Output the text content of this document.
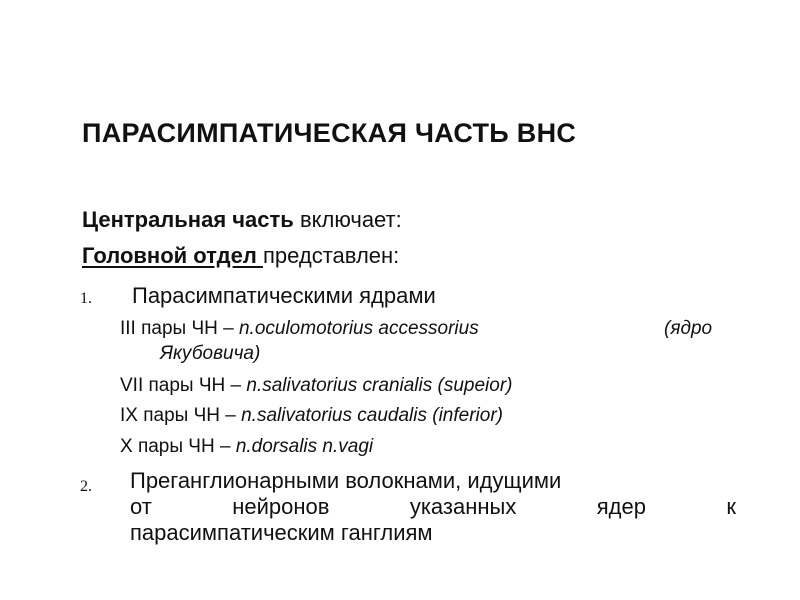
ПАРАСИМПАТИЧЕСКАЯ ЧАСТЬ ВНС
Центральная часть включает:
Головной отдел представлен:
1. Парасимпатическими ядрами
III пары ЧН – n.oculomotorius accessorius	(ядро
Якубовича)
VII пары ЧН – n.salivatorius cranialis (supeior)
IX пары ЧН – n.salivatorius caudalis (inferior)
X пары ЧН – n.dorsalis n.vagi
2. Преганглионарными волокнами, идущими
от	нейронов	указанных	ядер	к
парасимпатическим ганглиям
